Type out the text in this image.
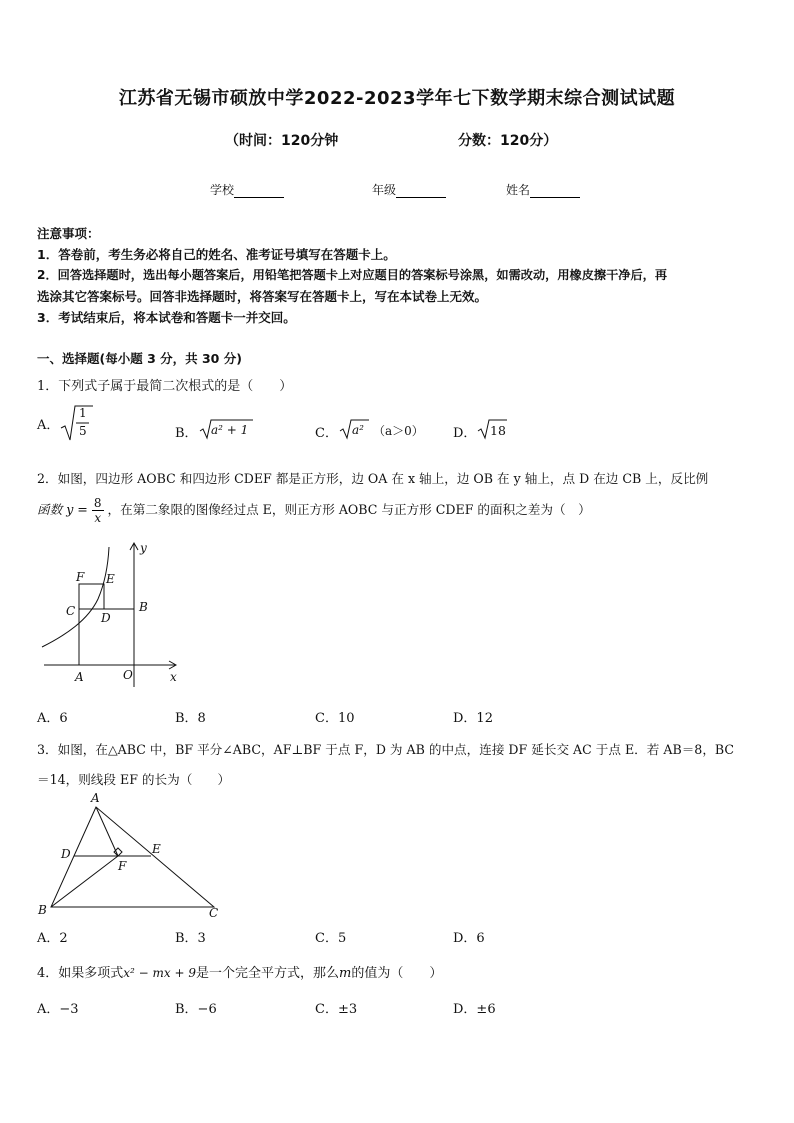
江苏省无锡市硕放中学2022-2023学年七下数学期末综合测试试题
（时间：120分钟	分数：120分）
学校	年级	姓名
注意事项：
1．答卷前，考生务必将自己的姓名、准考证号填写在答题卡上。
2．回答选择题时，选出每小题答案后，用铅笔把答题卡上对应题目的答案标号涂黑，如需改动，用橡皮擦干净后，再
选涂其它答案标号。回答非选择题时，将答案写在答题卡上，写在本试卷上无效。
3．考试结束后，将本试卷和答题卡一并交回。
一、选择题(每小题 3 分，共 30 分)
1．下列式子属于最简二次根式的是（　　）
A．
1
5	B． a² + 1	C． a² （a＞0） D． 18
2．如图，四边形 AOBC 和四边形 CDEF 都是正方形，边 OA 在 x 轴上，边 OB 在 y 轴上，点 D 在边 CB 上，反比例
函数 $y = \frac{8}{x}$ ，在第二象限的图像经过点 E，则正方形 AOBC 与正方形 CDEF 的面积之差为（　）
y
x
F E
C D
B
A	O
A．6	B．8	C．10	D．12
3．如图，在△ABC 中，BF 平分∠ABC，AF⊥BF 于点 F，D 为 AB 的中点，连接 DF 延长交 AC 于点 E．若 AB＝8，BC
＝14，则线段 EF 的长为（　　）
A
D	E
F
B	C
A．2	B．3	C．5	D．6
4．如果多项式x² − mx + 9是一个完全平方式，那么m的值为（　　）
A．−3	B．−6	C．±3	D．±6
